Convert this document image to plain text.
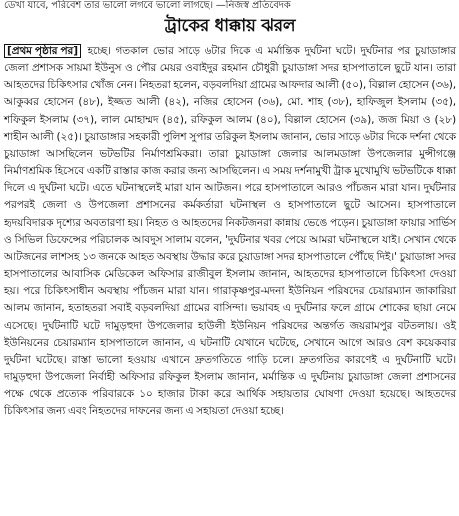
ডেখা যাবে, পরিবেশ তার ভালো লগবে ভালো লাগছে। —নিজস্ব প্রতিবেদক
ট্রাকের ধাক্কায় ঝরল
[প্রথম পৃষ্ঠার পর] হচ্ছে। গতকাল ভোর সাড়ে ৬টার দিকে এ মর্মান্তিক দুর্ঘটনা ঘটে। দুর্ঘটনার পর চুয়াডাঙ্গার জেলা প্রশাসক সায়মা ইউনুস ও পৌর মেয়র ওবাইদুর রহমান চৌধুরী চুয়াডাঙ্গা সদর হাসপাতালে ছুটে যান। তারা আহতদের চিকিৎসার খোঁজ নেন। নিহতরা হলেন, বড়বলদিয়া গ্রামের আফদার আলী (৫০), বিল্লাল হোসেন (৩৬), আকুব্বর হোসেন (৪৮), ইজ্জত আলী (৪২), নজির হোসেন (৩৬), মো. শাহ (৩৮), হাফিজুল ইসলাম (৩৫), শফিকুল ইসলাম (৩৭), লাল মোহাম্মদ (৪৫), রফিকুল আলম (৪০), বিল্লাল হোসেন (৩৯), জজ মিয়া ও (২৮) শাহীন আলী (২৫)। চুয়াডাঙ্গার সহকারী পুলিশ সুপার তরিকুল ইসলাম জানান, ভোর সাড়ে ৬টার দিকে দর্শনা থেকে চুয়াডাঙ্গা আসছিলেন ভটভটির নির্মাণশ্রমিকরা। তারা চুয়াডাঙ্গা জেলার আলমডাঙ্গা উপজেলার মুন্সীগঞ্জে নির্মাণশ্রমিক হিসেবে একটি রাস্তার কাজ করার জন্য আসছিলেন। এ সময় দর্শনামুখী ট্রাক মুখোমুখি ভটভটিকে ধাক্কা দিলে এ দুর্ঘটনা ঘটে। এতে ঘটনাস্থলেই মারা যান আটজন। পরে হাসপাতালে আরও পাঁচজন মারা যান। দুর্ঘটনার পরপরই জেলা ও উপজেলা প্রশাসনের কর্মকর্তারা ঘটনাস্থল ও হাসপাতালে ছুটে আসেন। হাসপাতালে হৃদয়বিদারক দৃশ্যের অবতারণা হয়। নিহত ও আহতদের নিকটজনরা কান্নায় ভেঙে পড়েন। চুয়াডাঙ্গা ফায়ার সার্ভিস ও সিভিল ডিফেন্সের পরিচালক আবদুস সালাম বলেন, 'দুর্ঘটনার খবর পেয়ে আমরা ঘটনাস্থলে যাই। সেখান থেকে আটজনের লাশসহ ১৩ জনকে আহত অবস্থায় উদ্ধার করে চুয়াডাঙ্গা সদর হাসপাতালে পৌঁছে দিই।' চুয়াডাঙ্গা সদর হাসপাতালের আবাসিক মেডিকেল অফিসার রাজীবুল ইসলাম জানান, আহতদের হাসপাতালে চিকিৎসা দেওয়া হয়। পরে চিকিৎসাধীন অবস্থায় পাঁচজন মারা যান। গারাকৃষ্ণপুর-মদনা ইউনিয়ন পরিষদের চেয়ারম্যান জাকারিয়া আলম জানান, হতাহতরা সবাই বড়বলদিয়া গ্রামের বাসিন্দা। ভয়াবহ এ দুর্ঘটনার ফলে গ্রামে শোকের ছায়া নেমে এসেছে। দুর্ঘটনাটি ঘটে দামুড়হুদা উপজেলার হাউলী ইউনিয়ন পরিষদের অন্তর্গত জয়রামপুর বটতলায়। ওই ইউনিয়নের চেয়ারম্যান হাসপাতালে জানান, এ ঘটনাটি যেখানে ঘটেছে, সেখানে আগে আরও বেশ কয়েকবার দুর্ঘটনা ঘটেছে। রাস্তা ভালো হওয়ায় এখানে দ্রুতগতিতে গাড়ি চলে। দ্রুতগতির কারণেই এ দুর্ঘটনাটি ঘটে। দামুড়হুদা উপজেলা নির্বাহী অফিসার রফিকুল ইসলাম জানান, মর্মান্তিক এ দুর্ঘটনায় চুয়াডাঙ্গা জেলা প্রশাসনের পক্ষে থেকে প্রত্যেক পরিবারকে ১০ হাজার টাকা করে আর্থিক সহায়তার ঘোষণা দেওয়া হয়েছে। আহতদের চিকিৎসার জন্য এবং নিহতদের দাফনের জন্য এ সহায়তা দেওয়া হচ্ছে।
